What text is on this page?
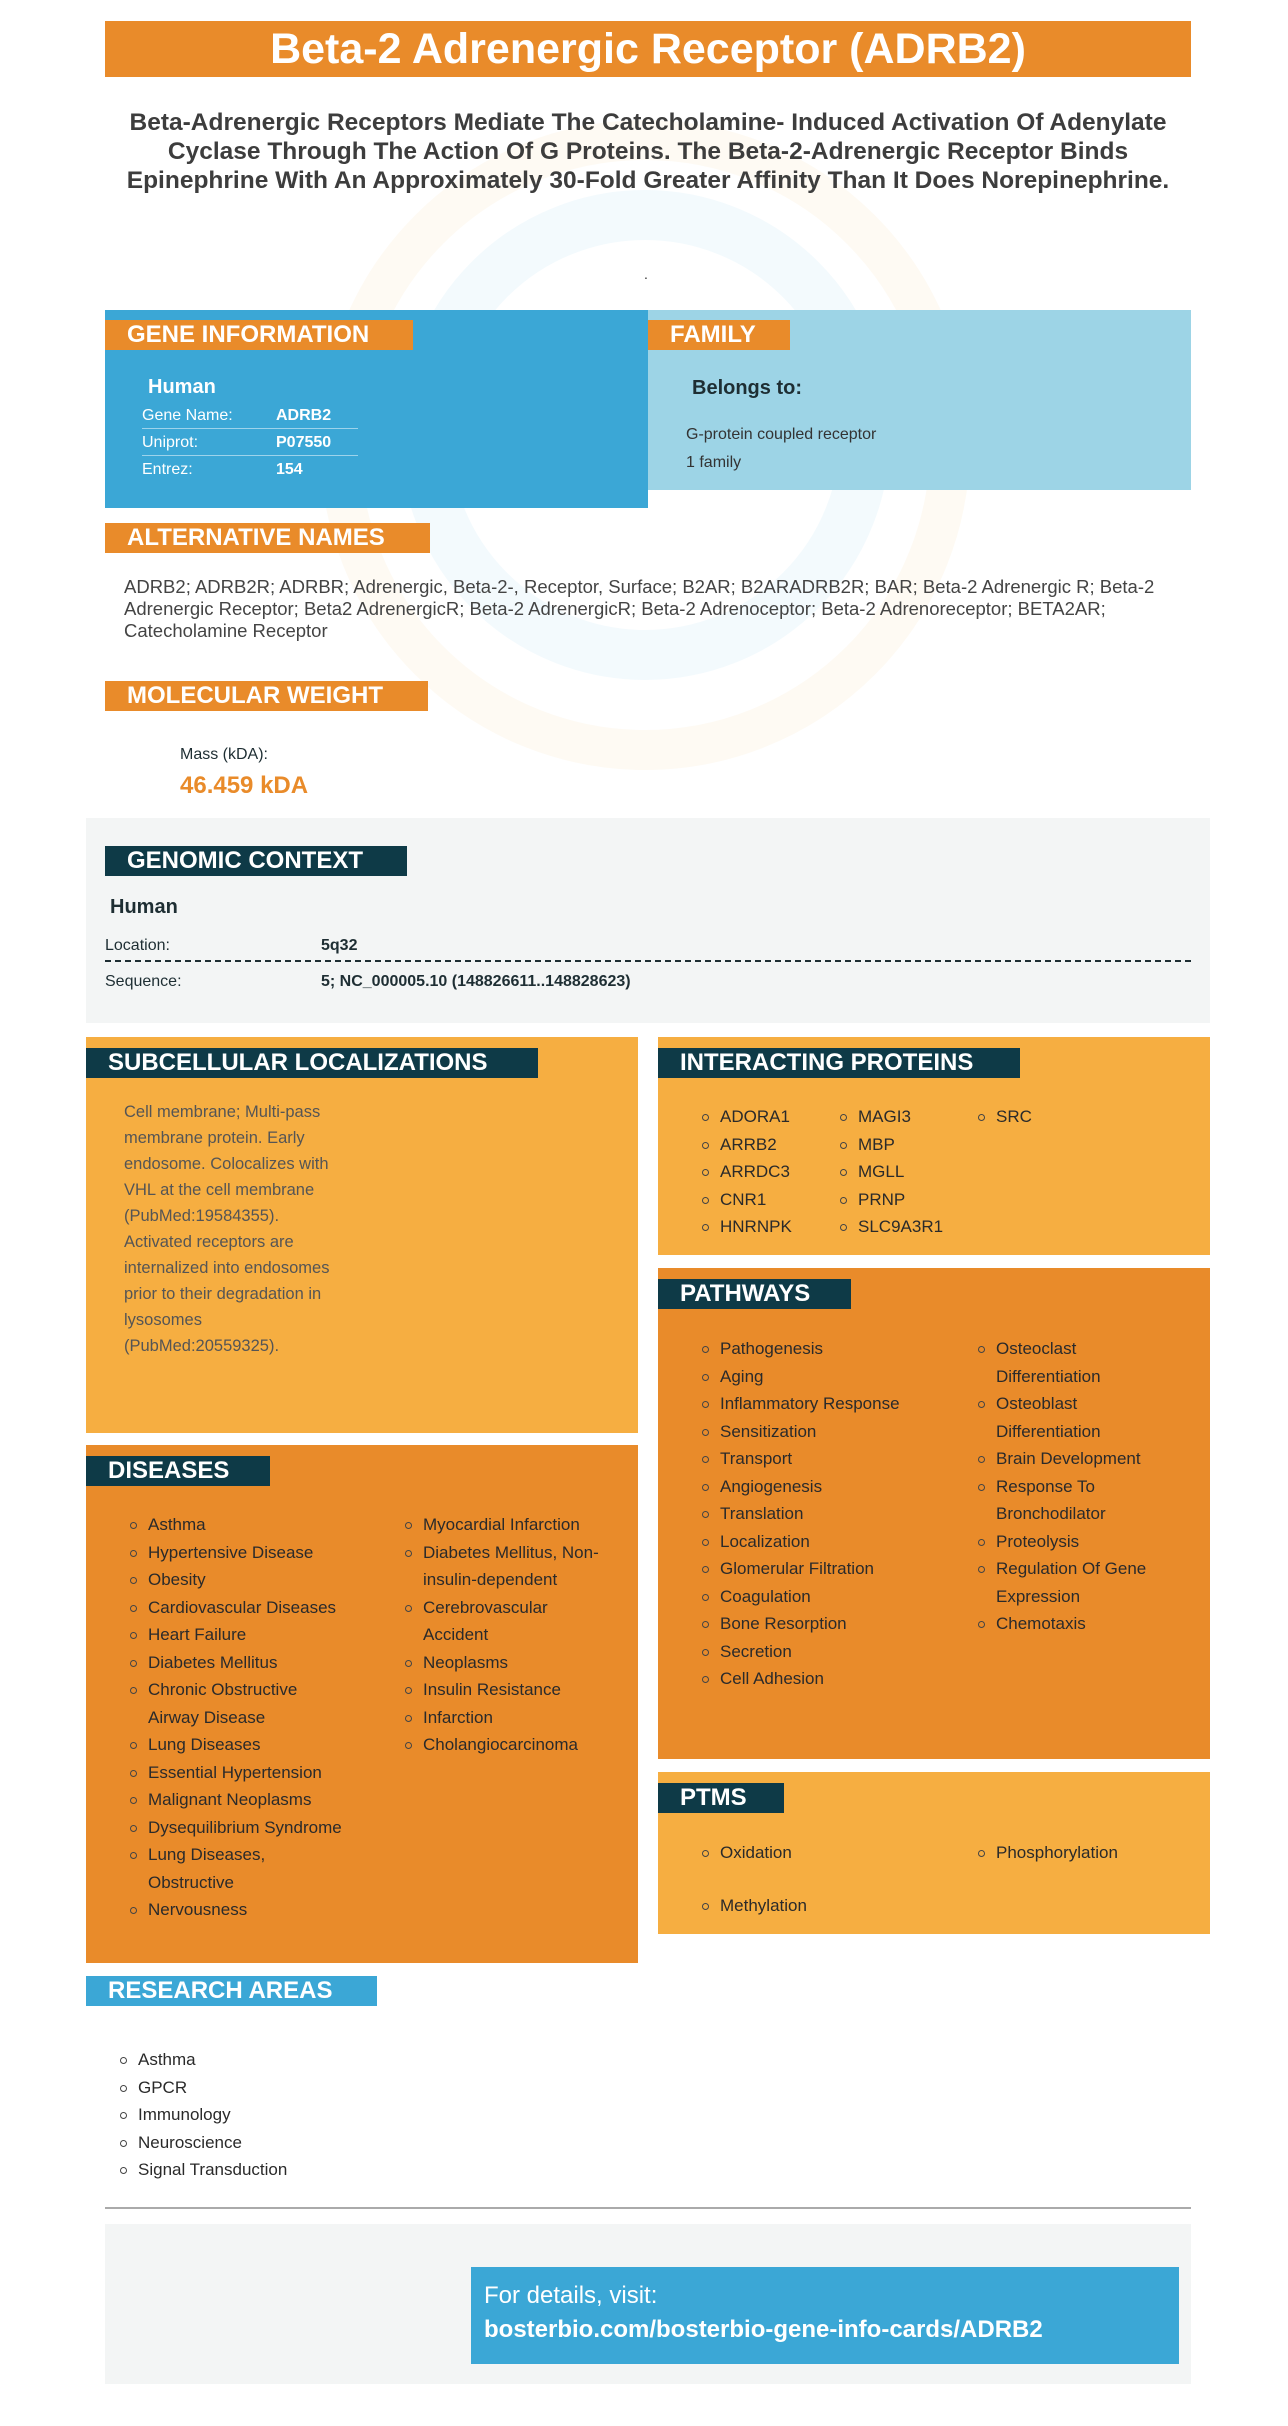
Beta-2 Adrenergic Receptor (ADRB2)
Beta-Adrenergic Receptors Mediate The Catecholamine- Induced Activation Of Adenylate Cyclase Through The Action Of G Proteins. The Beta-2-Adrenergic Receptor Binds Epinephrine With An Approximately 30-Fold Greater Affinity Than It Does Norepinephrine.
.
GENE INFORMATION
Human
Gene Name:	ADRB2
Uniprot:	P07550
Entrez:	154
FAMILY
Belongs to:
G-protein coupled receptor
1 family
ALTERNATIVE NAMES
ADRB2; ADRB2R; ADRBR; Adrenergic, Beta-2-, Receptor, Surface; B2AR; B2ARADRB2R; BAR; Beta-2 Adrenergic R; Beta-2 Adrenergic Receptor; Beta2 AdrenergicR; Beta-2 AdrenergicR; Beta-2 Adrenoceptor; Beta-2 Adrenoreceptor; BETA2AR; Catecholamine Receptor
MOLECULAR WEIGHT
Mass (kDA):
46.459 kDA
GENOMIC CONTEXT
Human
Location:	5q32
Sequence:	5; NC_000005.10 (148826611..148828623)
SUBCELLULAR LOCALIZATIONS
Cell membrane; Multi-pass membrane protein. Early endosome. Colocalizes with VHL at the cell membrane (PubMed:19584355). Activated receptors are internalized into endosomes prior to their degradation in lysosomes (PubMed:20559325).
INTERACTING PROTEINS
ADORA1
ARRB2
ARRDC3
CNR1
HNRNPK
MAGI3
MBP
MGLL
PRNP
SLC9A3R1
SRC
PATHWAYS
Pathogenesis
Aging
Inflammatory Response
Sensitization
Transport
Angiogenesis
Translation
Localization
Glomerular Filtration
Coagulation
Bone Resorption
Secretion
Cell Adhesion
Osteoclast Differentiation
Osteoblast Differentiation
Brain Development
Response To Bronchodilator
Proteolysis
Regulation Of Gene Expression
Chemotaxis
PTMS
Oxidation
Methylation
Phosphorylation
DISEASES
Asthma
Hypertensive Disease
Obesity
Cardiovascular Diseases
Heart Failure
Diabetes Mellitus
Chronic Obstructive Airway Disease
Lung Diseases
Essential Hypertension
Malignant Neoplasms
Dysequilibrium Syndrome
Lung Diseases, Obstructive
Nervousness
Myocardial Infarction
Diabetes Mellitus, Non-insulin-dependent
Cerebrovascular Accident
Neoplasms
Insulin Resistance
Infarction
Cholangiocarcinoma
RESEARCH AREAS
Asthma
GPCR
Immunology
Neuroscience
Signal Transduction
For details, visit:
bosterbio.com/bosterbio-gene-info-cards/ADRB2
